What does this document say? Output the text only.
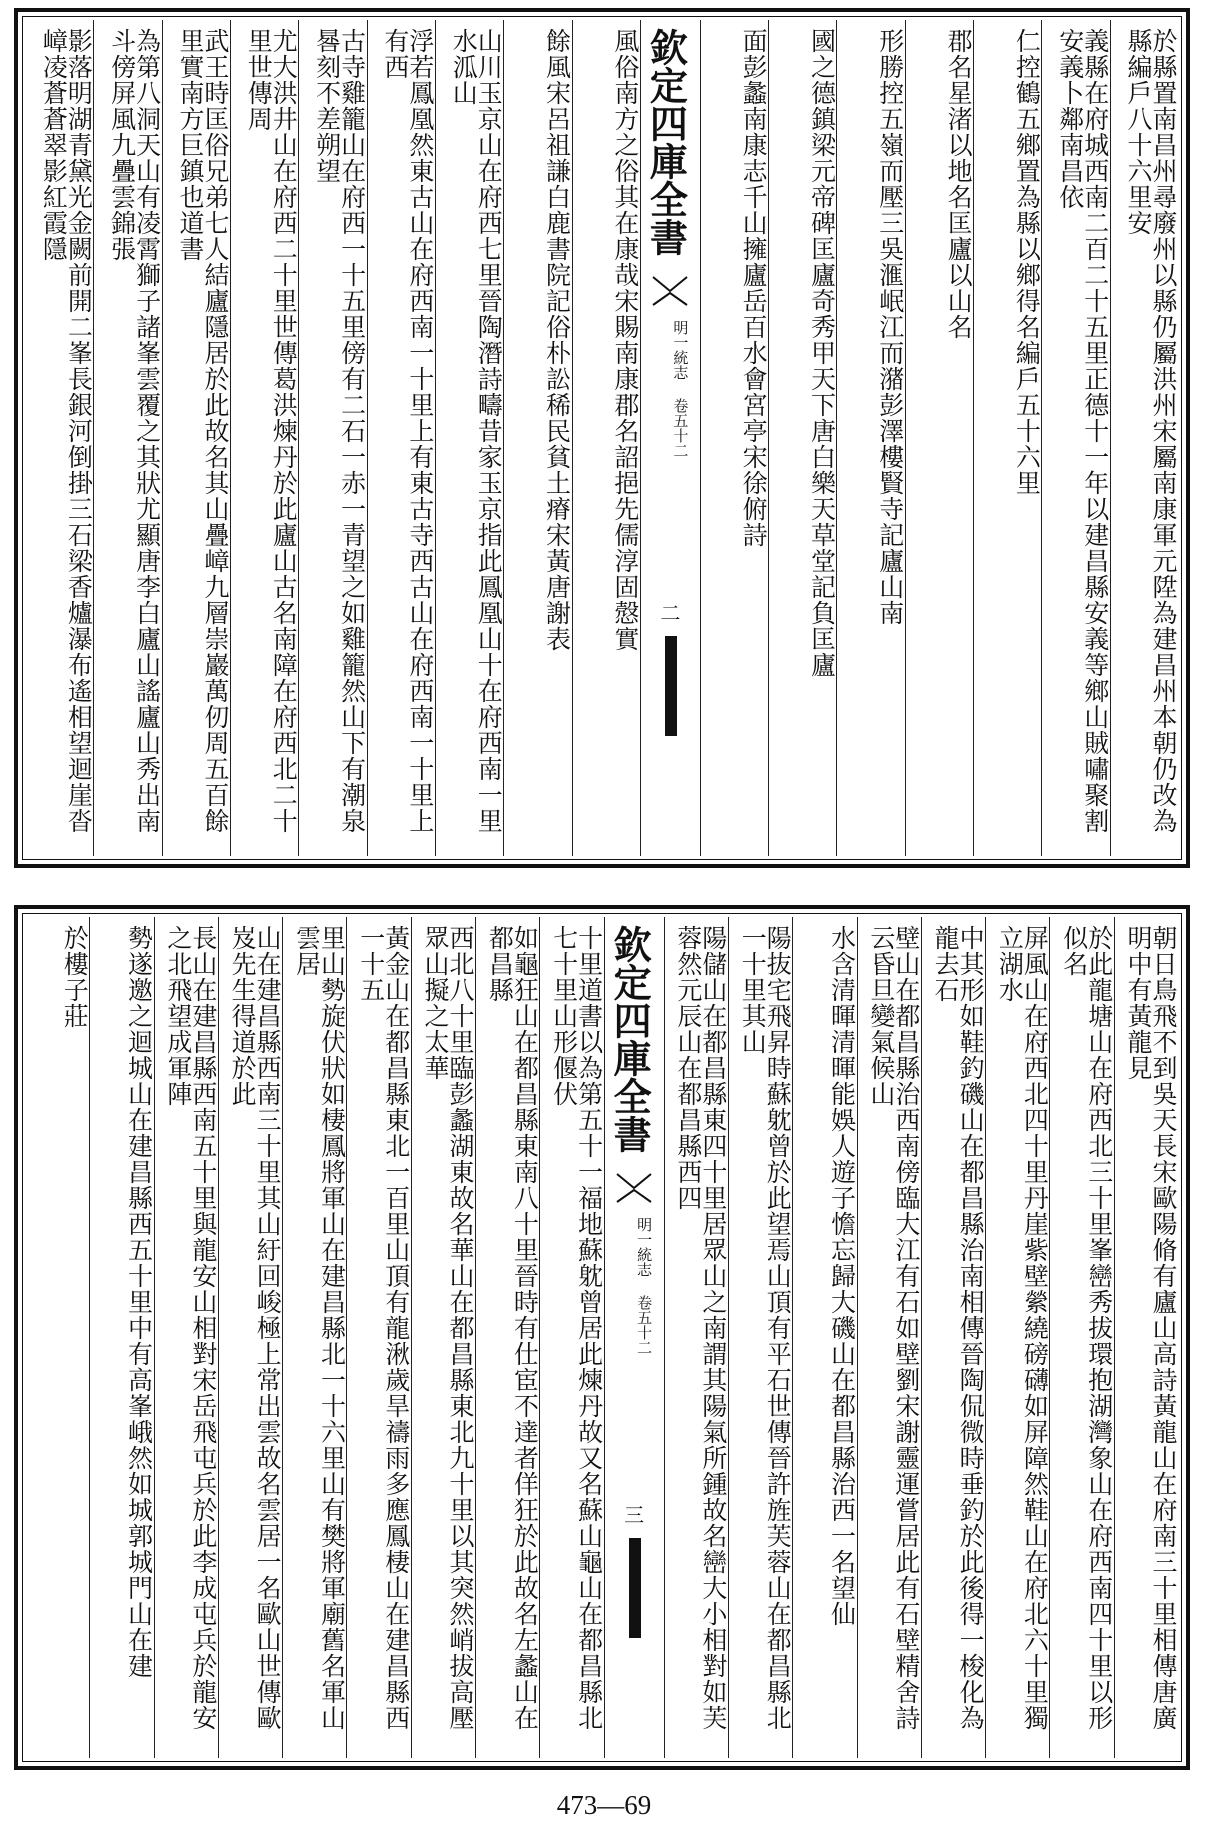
於縣置南昌州尋廢州以縣仍屬洪州宋屬南康軍元陞為建昌州本朝仍改為縣編戶八十六里安
義縣在府城西南二百二十五里正德十一年以建昌縣安義等鄉山賊嘯聚割安義卜鄰南昌依
仁控鶴五鄉置為縣以鄉得名編戶五十六里
郡名星渚以地名匡廬以山名
形勝控五嶺而壓三吳滙岷江而潴彭澤樓賢寺記廬山南
國之德鎮梁元帝碑匡廬奇秀甲天下唐白樂天草堂記負匡廬
面彭蠡南康志千山擁廬岳百水會宮亭宋徐俯詩
欽定四庫全書
明一統志 卷五十二
二
風俗南方之俗其在康哉宋賜南康郡名詔挹先儒淳固慤實
餘風宋呂祖謙白鹿書院記俗朴訟稀民貧土瘠宋黃唐謝表
山川玉京山在府西七里晉陶潛詩疇昔家玉京指此鳳凰山十在府西南一里水泒山
浮若鳳凰然東古山在府西南一十里上有東古寺西古山在府西南一十里上有西
古寺雞籠山在府西一十五里傍有二石一赤一青望之如雞籠然山下有潮泉晷刻不差朔望
尤大洪井山在府西二十里世傳葛洪煉丹於此廬山古名南障在府西北二十里世傳周
武王時匡俗兄弟七人結廬隱居於此故名其山疊嶂九層崇巖萬仞周五百餘里實南方巨鎮也道書
為第八洞天山有凌霄獅子諸峯雲覆之其狀尤顯唐李白廬山謠廬山秀出南斗傍屏風九疊雲錦張
影落明湖青黛光金闕前開二峯長銀河倒掛三石梁香爐瀑布遙相望迴崖沓嶂凌蒼蒼翠影紅霞隱
朝日鳥飛不到吳天長宋歐陽脩有廬山高詩黃龍山在府南三十里相傳唐廣明中有黃龍見
於此龍塘山在府西北三十里峯巒秀拔環抱湖灣象山在府西南四十里以形似名
屏風山在府西北四十里丹崖紫壁縈繞磅礴如屏障然鞋山在府北六十里獨立湖水
中其形如鞋釣磯山在都昌縣治南相傳晉陶侃微時垂釣於此後得一梭化為龍去石
壁山在都昌縣治西南傍臨大江有石如壁劉宋謝靈運嘗居此有石壁精舍詩云昏旦變氣候山
水含清暉清暉能娛人遊子憺忘歸大磯山在都昌縣治西一名望仙
陽抜宅飛昇時蘇躭曾於此望焉山頂有平石世傳晉許旌芙蓉山在都昌縣北一十里其山
陽儲山在都昌縣東四十里居眾山之南謂其陽氣所鍾故名巒大小相對如芙蓉然元辰山在都昌縣西四
欽定四庫全書
明一統志 卷五十二
三
十里道書以為第五十一福地蘇躭曾居此煉丹故又名蘇山龜山在都昌縣北七十里山形偃伏
如龜狂山在都昌縣東南八十里晉時有仕宦不達者佯狂於此故名左蠡山在都昌縣
西北八十里臨彭蠡湖東故名華山在都昌縣東北九十里以其突然峭拔高壓眾山擬之太華
黃金山在都昌縣東北一百里山頂有龍湫歲旱禱雨多應鳳棲山在建昌縣西一十五
里山勢旋伏狀如棲鳳將軍山在建昌縣北一十六里山有樊將軍廟舊名軍山雲居
山在建昌縣西南三十里其山紆回峻極上常出雲故名雲居一名歐山世傳歐岌先生得道於此
長山在建昌縣西南五十里與龍安山相對宋岳飛屯兵於此李成屯兵於龍安之北飛望成軍陣
勢遂邀之迴城山在建昌縣西五十里中有高峯峨然如城郭城門山在建
於樓子莊
473—69
